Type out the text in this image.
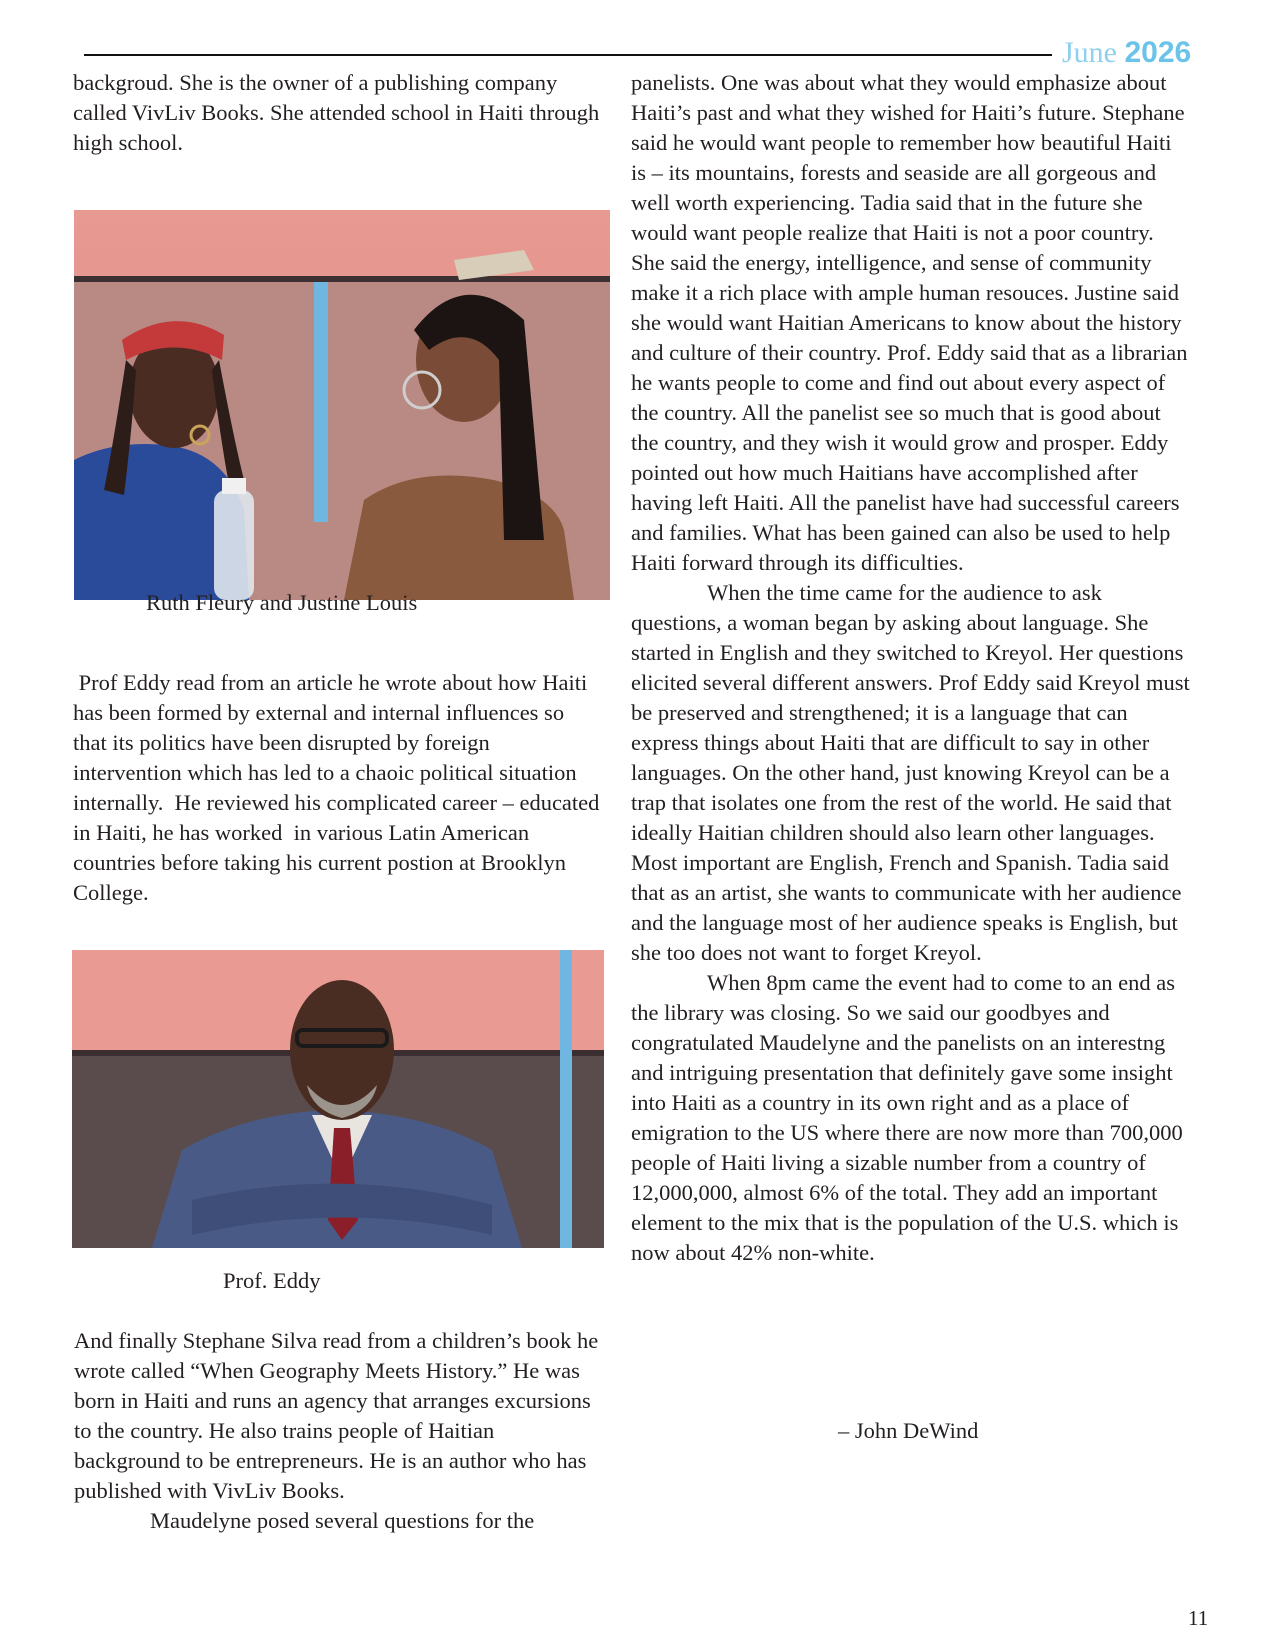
June 2026

backgroud. She is the owner of a publishing company called VivLiv Books. She attended school in Haiti through high school.

Ruth Fleury and Justine Louis

Prof Eddy read from an article he wrote about how Haiti has been formed by external and internal influences so that its politics have been disrupted by foreign intervention which has led to a chaoic political situation internally.  He reviewed his complicated career – educated in Haiti, he has worked  in various Latin American countries before taking his current postion at Brooklyn College.

Prof. Eddy

And finally Stephane Silva read from a children’s book he wrote called “When Geography Meets History.” He was born in Haiti and runs an agency that arranges excursions to the country. He also trains people of Haitian background to be entrepreneurs. He is an author who has published with VivLiv Books.

Maudelyne posed several questions for the

panelists. One was about what they would emphasize about Haiti’s past and what they wished for Haiti’s future. Stephane said he would want people to remember how beautiful Haiti is – its mountains, forests and seaside are all gorgeous and well worth experiencing. Tadia said that in the future she would want people realize that Haiti is not a poor country. She said the energy, intelligence, and sense of community make it a rich place with ample human resouces. Justine said she would want Haitian Americans to know about the history and culture of their country. Prof. Eddy said that as a librarian he wants people to come and find out about every aspect of the country. All the panelist see so much that is good about the country, and they wish it would grow and prosper. Eddy pointed out how much Haitians have accomplished after having left Haiti. All the panelist have had successful careers and families. What has been gained can also be used to help Haiti forward through its difficulties.

When the time came for the audience to ask questions, a woman began by asking about language. She started in English and they switched to Kreyol. Her questions elicited several different answers. Prof Eddy said Kreyol must be preserved and strengthened; it is a language that can express things about Haiti that are difficult to say in other languages. On the other hand, just knowing Kreyol can be a trap that isolates one from the rest of the world. He said that ideally Haitian children should also learn other languages. Most important are English, French and Spanish. Tadia said that as an artist, she wants to communicate with her audience and the language most of her audience speaks is English, but she too does not want to forget Kreyol.

When 8pm came the event had to come to an end as the library was closing. So we said our goodbyes and congratulated Maudelyne and the panelists on an interestng and intriguing presentation that definitely gave some insight into Haiti as a country in its own right and as a place of emigration to the US where there are now more than 700,000 people of Haiti living a sizable number from a country of 12,000,000, almost 6% of the total. They add an important element to the mix that is the population of the U.S. which is now about 42% non-white.

– John DeWind
11
